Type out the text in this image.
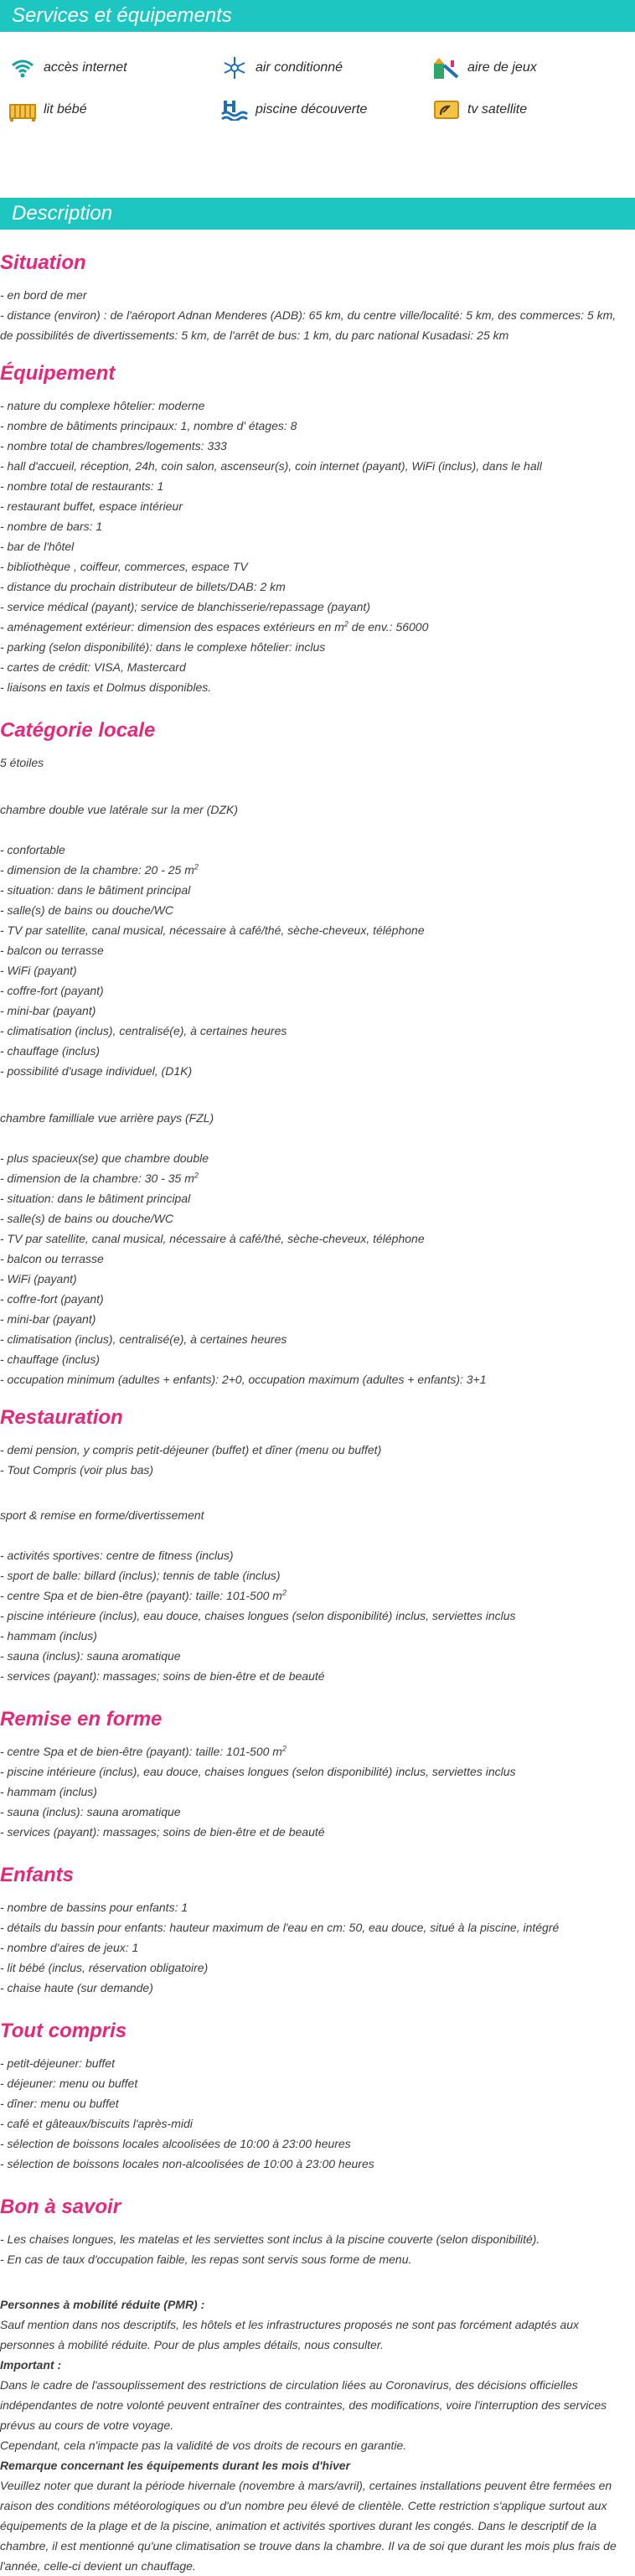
Services et équipements
accès internet	air conditionné	aire de jeux
lit bébé	piscine découverte	tv satellite
Description
Situation
- en bord de mer
- distance (environ) : de l'aéroport Adnan Menderes (ADB): 65 km, du centre ville/localité: 5 km, des commerces: 5 km,
de possibilités de divertissements: 5 km, de l'arrêt de bus: 1 km, du parc national Kusadasi: 25 km
Équipement
- nature du complexe hôtelier: moderne
- nombre de bâtiments principaux: 1, nombre d' étages: 8
- nombre total de chambres/logements: 333
- hall d'accueil, réception, 24h, coin salon, ascenseur(s), coin internet (payant), WiFi (inclus), dans le hall
- nombre total de restaurants: 1
- restaurant buffet, espace intérieur
- nombre de bars: 1
- bar de l'hôtel
- bibliothèque , coiffeur, commerces, espace TV
- distance du prochain distributeur de billets/DAB: 2 km
- service médical (payant); service de blanchisserie/repassage (payant)
- aménagement extérieur: dimension des espaces extérieurs en $m^2$ de env.: 56000
- parking (selon disponibilité): dans le complexe hôtelier: inclus
- cartes de crédit: VISA, Mastercard
- liaisons en taxis et Dolmus disponibles.
Catégorie locale
5 étoiles
chambre double vue latérale sur la mer (DZK)
- confortable
- dimension de la chambre: 20 - 25 $m^2$
- situation: dans le bâtiment principal
- salle(s) de bains ou douche/WC
- TV par satellite, canal musical, nécessaire à café/thé, sèche-cheveux, téléphone
- balcon ou terrasse
- WiFi (payant)
- coffre-fort (payant)
- mini-bar (payant)
- climatisation (inclus), centralisé(e), à certaines heures
- chauffage (inclus)
- possibilité d'usage individuel, (D1K)
chambre familliale vue arrière pays (FZL)
- plus spacieux(se) que chambre double
- dimension de la chambre: 30 - 35 $m^2$
- situation: dans le bâtiment principal
- salle(s) de bains ou douche/WC
- TV par satellite, canal musical, nécessaire à café/thé, sèche-cheveux, téléphone
- balcon ou terrasse
- WiFi (payant)
- coffre-fort (payant)
- mini-bar (payant)
- climatisation (inclus), centralisé(e), à certaines heures
- chauffage (inclus)
- occupation minimum (adultes + enfants): 2+0, occupation maximum (adultes + enfants): 3+1
Restauration
- demi pension, y compris petit-déjeuner (buffet) et dîner (menu ou buffet)
- Tout Compris (voir plus bas)
sport & remise en forme/divertissement
- activités sportives: centre de fitness (inclus)
- sport de balle: billard (inclus); tennis de table (inclus)
- centre Spa et de bien-être (payant): taille: 101-500 $m^2$
- piscine intérieure (inclus), eau douce, chaises longues (selon disponibilité) inclus, serviettes inclus
- hammam (inclus)
- sauna (inclus): sauna aromatique
- services (payant): massages; soins de bien-être et de beauté
Remise en forme
- centre Spa et de bien-être (payant): taille: 101-500 $m^2$
- piscine intérieure (inclus), eau douce, chaises longues (selon disponibilité) inclus, serviettes inclus
- hammam (inclus)
- sauna (inclus): sauna aromatique
- services (payant): massages; soins de bien-être et de beauté
Enfants
- nombre de bassins pour enfants: 1
- détails du bassin pour enfants: hauteur maximum de l'eau en cm: 50, eau douce, situé à la piscine, intégré
- nombre d'aires de jeux: 1
- lit bébé (inclus, réservation obligatoire)
- chaise haute (sur demande)
Tout compris
- petit-déjeuner: buffet
- déjeuner: menu ou buffet
- dîner: menu ou buffet
- café et gâteaux/biscuits l'après-midi
- sélection de boissons locales alcoolisées de 10:00 à 23:00 heures
- sélection de boissons locales non-alcoolisées de 10:00 à 23:00 heures
Bon à savoir
- Les chaises longues, les matelas et les serviettes sont inclus à la piscine couverte (selon disponibilité).
- En cas de taux d'occupation faible, les repas sont servis sous forme de menu.
Personnes à mobilité réduite (PMR) :
Sauf mention dans nos descriptifs, les hôtels et les infrastructures proposés ne sont pas forcément adaptés aux personnes à mobilité réduite. Pour de plus amples détails, nous consulter.
Important :
Dans le cadre de l'assouplissement des restrictions de circulation liées au Coronavirus, des décisions officielles indépendantes de notre volonté peuvent entraîner des contraintes, des modifications, voire l'interruption des services prévus au cours de votre voyage.
Cependant, cela n'impacte pas la validité de vos droits de recours en garantie.
Remarque concernant les équipements durant les mois d'hiver
Veuillez noter que durant la période hivernale (novembre à mars/avril), certaines installations peuvent être fermées en raison des conditions météorologiques ou d'un nombre peu élevé de clientèle. Cette restriction s'applique surtout aux équipements de la plage et de la piscine, animation et activités sportives durant les congés. Dans le descriptif de la chambre, il est mentionné qu'une climatisation se trouve dans la chambre. Il va de soi que durant les mois plus frais de l'année, celle-ci devient un chauffage.
